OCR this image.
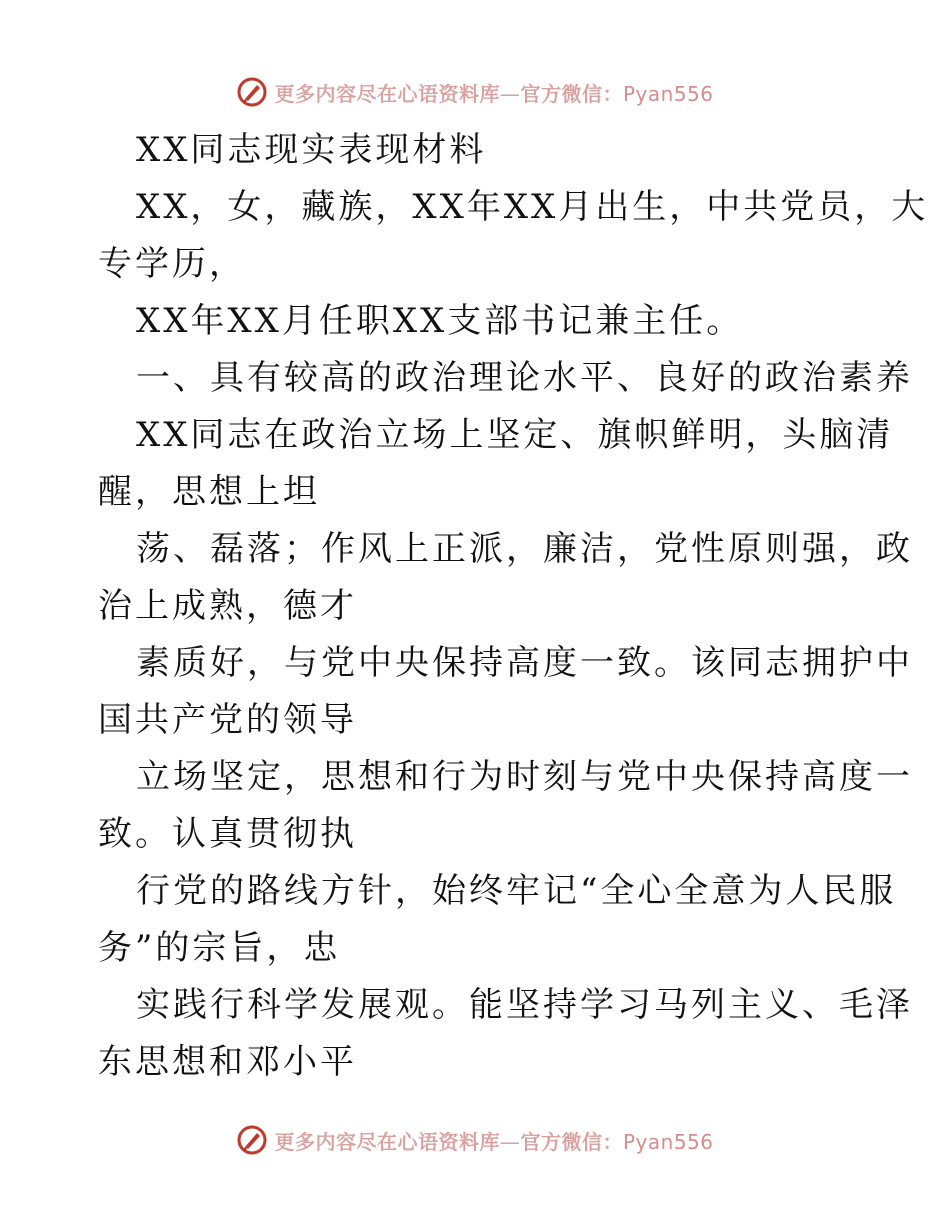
更多内容尽在心语资料库—官方微信：Pyan556
XX同志现实表现材料
XX，女，藏族，XX年XX月出生，中共党员，大
专学历，
XX年XX月任职XX支部书记兼主任。
一、具有较高的政治理论水平、良好的政治素养
XX同志在政治立场上坚定、旗帜鲜明，头脑清
醒，思想上坦
荡、磊落；作风上正派，廉洁，党性原则强，政
治上成熟，德才
素质好，与党中央保持高度一致。该同志拥护中
国共产党的领导
立场坚定，思想和行为时刻与党中央保持高度一
致。认真贯彻执
行党的路线方针，始终牢记“全心全意为人民服
务”的宗旨，忠
实践行科学发展观。能坚持学习马列主义、毛泽
东思想和邓小平
更多内容尽在心语资料库—官方微信：Pyan556
